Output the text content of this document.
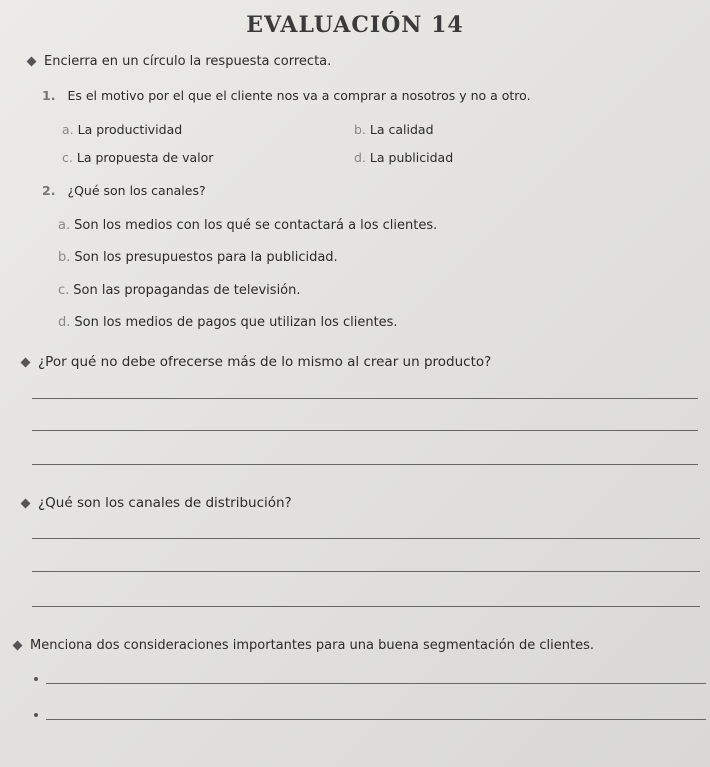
EVALUACIÓN 14
Encierra en un círculo la respuesta correcta.
1. Es el motivo por el que el cliente nos va a comprar a nosotros y no a otro.
a. La productividad	b. La calidad
c. La propuesta de valor	d. La publicidad
2. ¿Qué son los canales?
a. Son los medios con los qué se contactará a los clientes.
b. Son los presupuestos para la publicidad.
c. Son las propagandas de televisión.
d. Son los medios de pagos que utilizan los clientes.
¿Por qué no debe ofrecerse más de lo mismo al crear un producto?
¿Qué son los canales de distribución?
Menciona dos consideraciones importantes para una buena segmentación de clientes.
